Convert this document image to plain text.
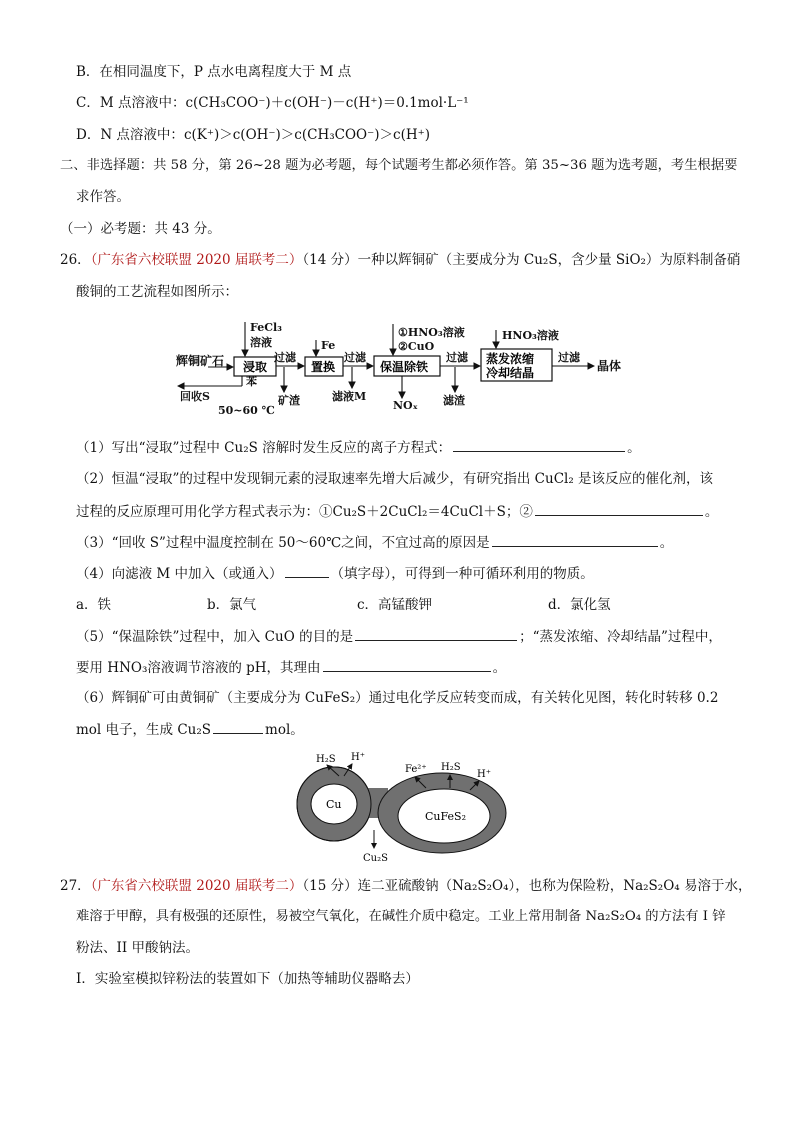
B．在相同温度下，P 点水电离程度大于 M 点
C．M 点溶液中：c(CH₃COO⁻)＋c(OH⁻)－c(H⁺)＝0.1mol·L⁻¹
D．N 点溶液中：c(K⁺)＞c(OH⁻)＞c(CH₃COO⁻)＞c(H⁺)
二、非选择题：共 58 分，第 26~28 题为必考题，每个试题考生都必须作答。第 35~36 题为选考题，考生根据要
求作答。
（一）必考题：共 43 分。
26．（广东省六校联盟 2020 届联考二）（14 分）一种以辉铜矿（主要成分为 Cu₂S，含少量 SiO₂）为原料制备硝
酸铜的工艺流程如图所示：
辉铜矿石
FeCl₃
溶液
过滤
Fe
过滤
①HNO₃溶液
②CuO
过滤
HNO₃溶液
过滤
晶体
苯
回收S
50~60 ℃
矿渣	滤液M
NOₓ 滤渣
浸取	置换	保温除铁
蒸发浓缩
冷却结晶
（1）写出“浸取”过程中 Cu₂S 溶解时发生反应的离子方程式：	。
（2）恒温“浸取”的过程中发现铜元素的浸取速率先增大后减少，有研究指出 CuCl₂ 是该反应的催化剂，该
过程的反应原理可用化学方程式表示为：①Cu₂S＋2CuCl₂＝4CuCl＋S；②	。
（3）“回收 S”过程中温度控制在 50～60℃之间，不宜过高的原因是	。
（4）向滤液 M 中加入（或通入）	（填字母），可得到一种可循环利用的物质。
a．铁	b．氯气	c．高锰酸钾	d．氯化氢
（5）“保温除铁”过程中，加入 CuO 的目的是	；“蒸发浓缩、冷却结晶”过程中，
要用 HNO₃溶液调节溶液的 pH，其理由	。
（6）辉铜矿可由黄铜矿（主要成分为 CuFeS₂）通过电化学反应转变而成，有关转化见图，转化时转移 0.2
mol 电子，生成 Cu₂S	mol。
Cu
CuFeS₂
H₂S H⁺
Fe²⁺ H₂S
H⁺
Cu₂S
27．（广东省六校联盟 2020 届联考二）（15 分）连二亚硫酸钠（Na₂S₂O₄），也称为保险粉，Na₂S₂O₄ 易溶于水，
难溶于甲醇，具有极强的还原性，易被空气氧化，在碱性介质中稳定。工业上常用制备 Na₂S₂O₄ 的方法有 I 锌
粉法、II 甲酸钠法。
Ⅰ．实验室模拟锌粉法的装置如下（加热等辅助仪器略去）
